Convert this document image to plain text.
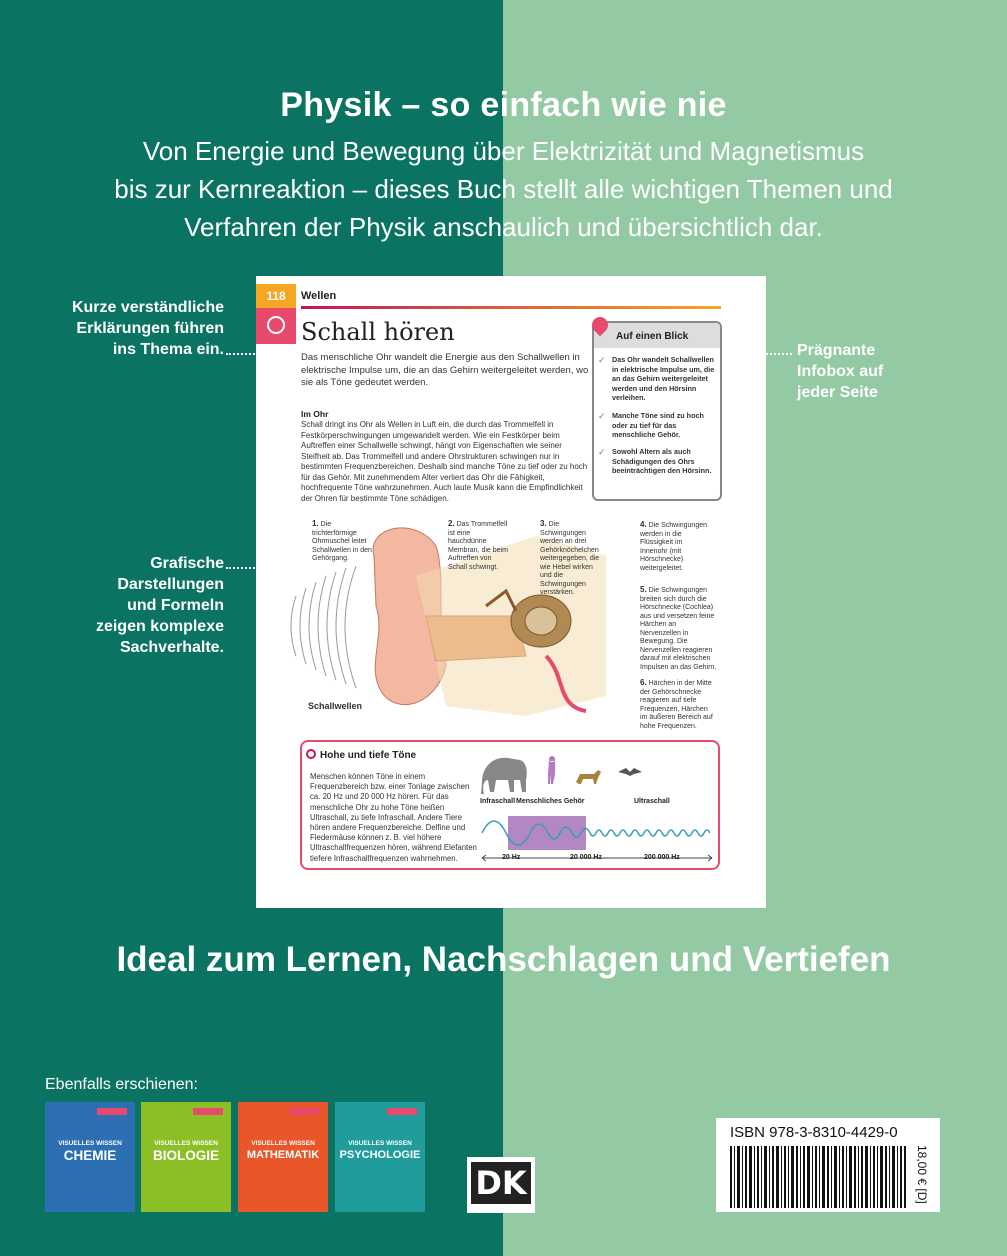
Physik – so einfach wie nie
Von Energie und Bewegung über Elektrizität und Magnetismus
bis zur Kernreaktion – dieses Buch stellt alle wichtigen Themen und
Verfahren der Physik anschaulich und übersichtlich dar.
Kurze verständliche
Erklärungen führen
ins Thema ein.
Grafische
Darstellungen
und Formeln
zeigen komplexe
Sachverhalte.
Prägnante
Infobox auf
jeder Seite
118	Wellen
Schall hören
Das menschliche Ohr wandelt die Energie aus den Schallwellen in elektrische Impulse um, die an das Gehirn weitergeleitet werden, wo sie als Töne gedeutet werden.
Im Ohr
Schall dringt ins Ohr als Wellen in Luft ein, die durch das Trommelfell in Festkörperschwingungen umgewandelt werden. Wie ein Festkörper beim Auftreffen einer Schallwelle schwingt, hängt von Eigenschaften wie seiner Steifheit ab. Das Trommelfell und andere Ohrstrukturen schwingen nur in bestimmten Frequenzbereichen. Deshalb sind manche Töne zu tief oder zu hoch für das Gehör. Mit zunehmendem Alter verliert das Ohr die Fähigkeit, hochfrequente Töne wahrzunehmen. Auch laute Musik kann die Empfindlichkeit der Ohren für bestimmte Töne schädigen.
Auf einen Blick
✓ Das Ohr wandelt Schallwellen in elektrische Impulse um, die an das Gehirn weitergeleitet werden und den Hörsinn verleihen.
✓ Manche Töne sind zu hoch oder zu tief für das menschliche Gehör.
✓ Sowohl Altern als auch Schädigungen des Ohrs beeinträchtigen den Hörsinn.
1. Die trichterförmige Ohrmuschel leitet Schallwellen in den Gehörgang.
2. Das Trommelfell ist eine hauchdünne Membran, die beim Auftreffen von Schall schwingt.
3. Die Schwingungen werden an drei Gehörknöchelchen weitergegeben, die wie Hebel wirken und die Schwingungen verstärken.
4. Die Schwingungen werden in die Flüssigkeit im Innenohr (mit Hörschnecke) weitergeleitet.
5. Die Schwingungen breiten sich durch die Hörschnecke (Cochlea) aus und versetzen feine Härchen an Nervenzellen in Bewegung. Die Nervenzellen reagieren darauf mit elektrischen Impulsen an das Gehirn.
6. Härchen in der Mitte der Gehörschnecke reagieren auf tiefe Frequenzen, Härchen im äußeren Bereich auf hohe Frequenzen.
Schallwellen
Hohe und tiefe Töne
Menschen können Töne in einem Frequenzbereich bzw. einer Tonlage zwischen ca. 20 Hz und 20 000 Hz hören. Für das menschliche Ohr zu hohe Töne heißen Ultraschall, zu tiefe Infraschall. Andere Tiere hören andere Frequenzbereiche. Delfine und Fledermäuse können z. B. viel höhere Ultraschallfrequenzen hören, während Elefanten tiefere Infraschallfrequenzen wahrnehmen.
Infraschall Menschliches Gehör	Ultraschall
20 Hz	20 000 Hz	200 000 Hz
Ideal zum Lernen, Nachschlagen und Vertiefen
Ebenfalls erschienen:
VISUELLES WISSEN
CHEMIE
VISUELLES WISSEN
BIOLOGIE
VISUELLES WISSEN
MATHEMATIK
VISUELLES WISSEN
PSYCHOLOGIE
DK
ISBN 978-3-8310-4429-0
18,00 € [D]
